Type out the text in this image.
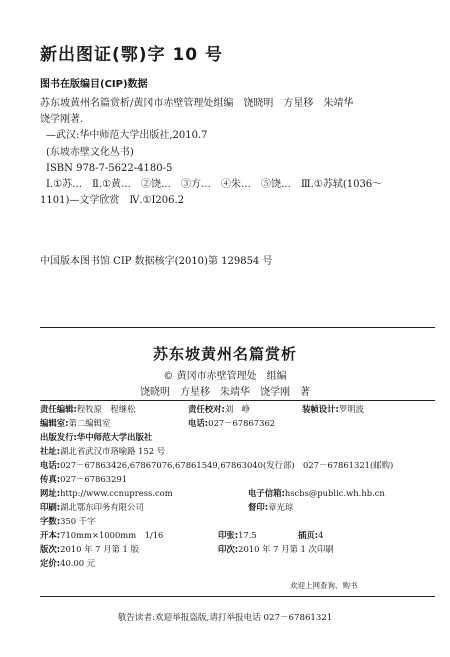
新出图证(鄂)字 10 号
图书在版编目(CIP)数据
苏东坡黄州名篇赏析/黄冈市赤壁管理处组编　饶晓明　方星移　朱靖华
饶学刚著.
—武汉:华中师范大学出版社,2010.7
(东坡赤壁文化丛书)
ISBN 978-7-5622-4180-5
Ⅰ.①苏…　Ⅱ.①黄…　②饶…　③方…　④朱…　⑤饶…　Ⅲ.①苏轼(1036～
1101)—文学欣赏　Ⅳ.①I206.2
中国版本图书馆 CIP 数据核字(2010)第 129854 号
苏东坡黄州名篇赏析
© 黄冈市赤壁管理处　组编
饶晓明　方星移　朱靖华　饶学刚　著
责任编辑:程牧原　程继松	责任校对:刘　峥	装帧设计:罗明波
编辑室:第二编辑室	电话:027－67867362
出版发行:华中师范大学出版社
社址:湖北省武汉市珞喻路 152 号
电话:027－67863426,67867076,67861549,67863040(发行部)　027－67861321(邮购)
传真:027－67863291
网址:http://www.ccnupress.com	电子信箱:hscbs@public.wh.hb.cn
印刷:湖北鄂东印务有限公司	督印:章光琼
字数:350 千字
开本:710mm×1000mm　1/16	印张:17.5	插页:4
版次:2010 年 7 月第 1 版	印次:2010 年 7 月第 1 次印刷
定价:40.00 元
欢迎上网查询、购书
敬告读者:欢迎举报盗版,请打举报电话 027－67861321
